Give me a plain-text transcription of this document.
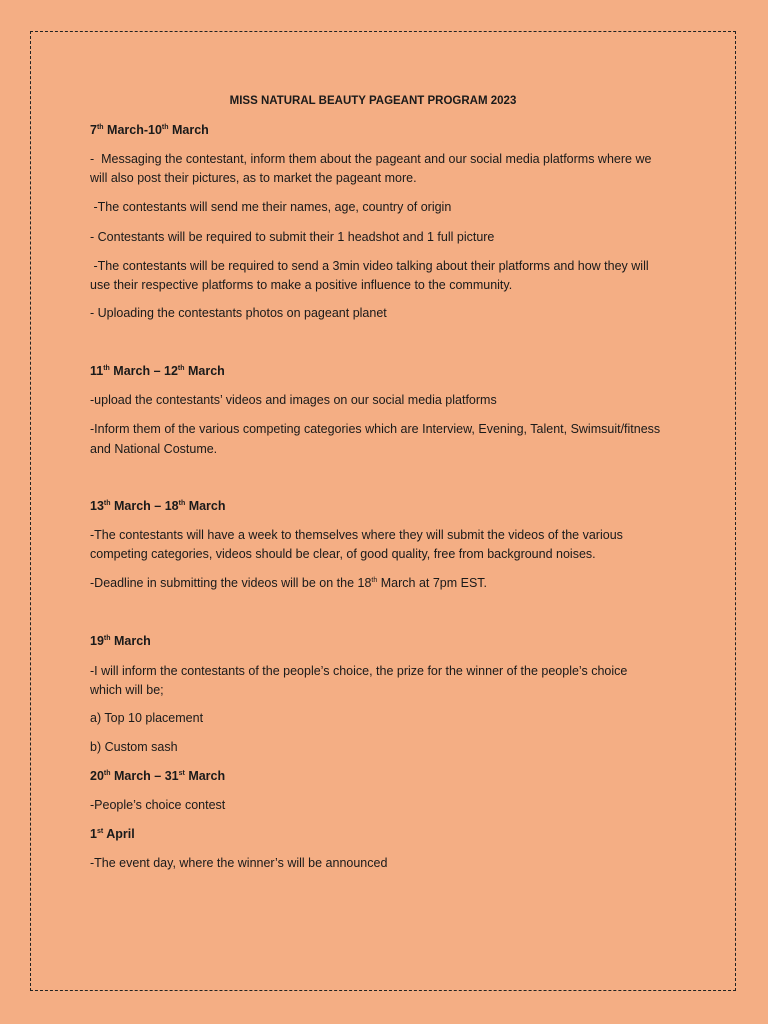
MISS NATURAL BEAUTY PAGEANT PROGRAM 2023
7th March-10th March
-  Messaging the contestant, inform them about the pageant and our social media platforms where we
will also post their pictures, as to market the pageant more.
-The contestants will send me their names, age, country of origin
- Contestants will be required to submit their 1 headshot and 1 full picture
-The contestants will be required to send a 3min video talking about their platforms and how they will
use their respective platforms to make a positive influence to the community.
- Uploading the contestants photos on pageant planet
11th March – 12th March
-upload the contestants’ videos and images on our social media platforms
-Inform them of the various competing categories which are Interview, Evening, Talent, Swimsuit/fitness
and National Costume.
13th March – 18th March
-The contestants will have a week to themselves where they will submit the videos of the various
competing categories, videos should be clear, of good quality, free from background noises.
-Deadline in submitting the videos will be on the 18th March at 7pm EST.
19th March
-I will inform the contestants of the people’s choice, the prize for the winner of the people’s choice
which will be;
a) Top 10 placement
b) Custom sash
20th March – 31st March
-People’s choice contest
1st April
-The event day, where the winner’s will be announced
